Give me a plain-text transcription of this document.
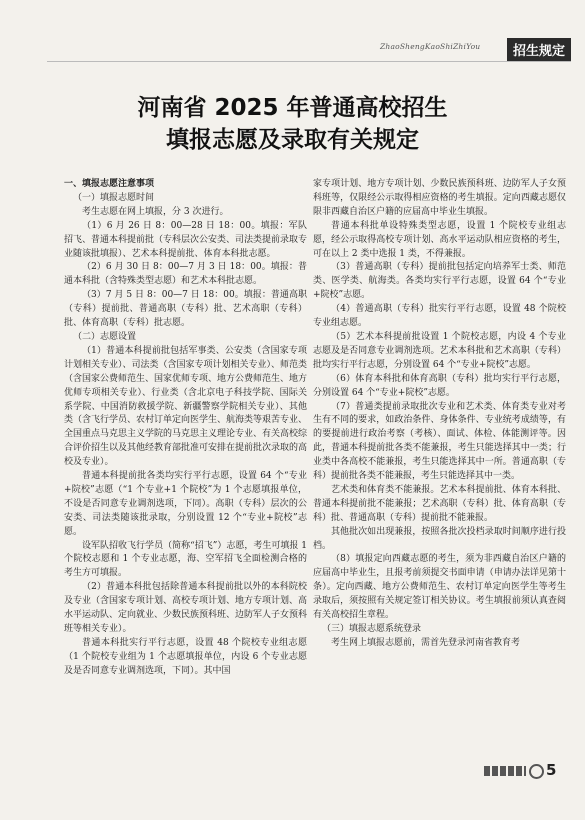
ZhaoShengKaoShiZhiYou	招生规定
河南省 2025 年普通高校招生
填报志愿及录取有关规定

一、填报志愿注意事项

（一）填报志愿时间

考生志愿在网上填报，分 3 次进行。

（1）6 月 26 日 8：00—28 日 18：00。填报：军队招飞、普通本科提前批（专科层次公安类、司法类提前录取专业随该批填报）、艺术本科提前批、体育本科批志愿。

（2）6 月 30 日 8：00—7 月 3 日 18：00。填报：普通本科批（含特殊类型志愿）和艺术本科批志愿。

（3）7 月 5 日 8：00—7 日 18：00。填报：普通高职（专科）提前批、普通高职（专科）批、艺术高职（专科）批、体育高职（专科）批志愿。

（二）志愿设置

（1）普通本科提前批包括军事类、公安类（含国家专项计划相关专业）、司法类（含国家专项计划相关专业）、师范类（含国家公费师范生、国家优师专项、地方公费师范生、地方优师专项相关专业）、行业类（含北京电子科技学院、国际关系学院、中国消防救援学院、新疆警察学院相关专业）、其他类（含飞行学员、农村订单定向医学生、航海类等艰苦专业、全国重点马克思主义学院的马克思主义理论专业、有关高校综合评价招生以及其他经教育部批准可安排在提前批次录取的高校及专业）。

普通本科提前批各类均实行平行志愿，设置 64 个“专业+院校”志愿（“1 个专业+1 个院校”为 1 个志愿填报单位，不设是否同意专业调剂选项，下同）。高职（专科）层次的公安类、司法类随该批录取，分别设置 12 个“专业+院校”志愿。

设军队招收飞行学员（简称“招飞”）志愿，考生可填报 1 个院校志愿和 1 个专业志愿，海、空军招飞全面检测合格的考生方可填报。

（2）普通本科批包括除普通本科提前批以外的本科院校及专业（含国家专项计划、高校专项计划、地方专项计划、高水平运动队、定向就业、少数民族预科班、边防军人子女预科班等相关专业）。

普通本科批实行平行志愿，设置 48 个院校专业组志愿（1 个院校专业组为 1 个志愿填报单位，内设 6 个专业志愿及是否同意专业调剂选项，下同）。其中国

家专项计划、地方专项计划、少数民族预科班、边防军人子女预科班等，仅限经公示取得相应资格的考生填报。定向西藏志愿仅限非西藏自治区户籍的应届高中毕业生填报。

普通本科批单设特殊类型志愿，设置 1 个院校专业组志愿，经公示取得高校专项计划、高水平运动队相应资格的考生，可在以上 2 类中选报 1 类，不得兼报。

（3）普通高职（专科）提前批包括定向培养军士类、师范类、医学类、航海类。各类均实行平行志愿，设置 64 个“专业+院校”志愿。

（4）普通高职（专科）批实行平行志愿，设置 48 个院校专业组志愿。

（5）艺术本科提前批设置 1 个院校志愿，内设 4 个专业志愿及是否同意专业调剂选项。艺术本科批和艺术高职（专科）批均实行平行志愿，分别设置 64 个“专业+院校”志愿。

（6）体育本科批和体育高职（专科）批均实行平行志愿，分别设置 64 个“专业+院校”志愿。

（7）普通类提前录取批次专业和艺术类、体育类专业对考生有不同的要求，如政治条件、身体条件、专业统考成绩等，有的要提前进行政治考察（考核）、面试、体检、体能测评等。因此，普通本科提前批各类不能兼报，考生只能选择其中一类；行业类中各高校不能兼报，考生只能选择其中一所。普通高职（专科）提前批各类不能兼报，考生只能选择其中一类。

艺术类和体育类不能兼报。艺术本科提前批、体育本科批、普通本科提前批不能兼报；艺术高职（专科）批、体育高职（专科）批、普通高职（专科）提前批不能兼报。

其他批次如出现兼报，按照各批次投档录取时间顺序进行投档。

（8）填报定向西藏志愿的考生，须为非西藏自治区户籍的应届高中毕业生，且报考前须提交书面申请（申请办法详见第十条）。定向西藏、地方公费师范生、农村订单定向医学生等考生录取后，须按照有关规定签订相关协议。考生填报前须认真查阅有关高校招生章程。

（三）填报志愿系统登录

考生网上填报志愿前，需首先登录河南省教育考

5
